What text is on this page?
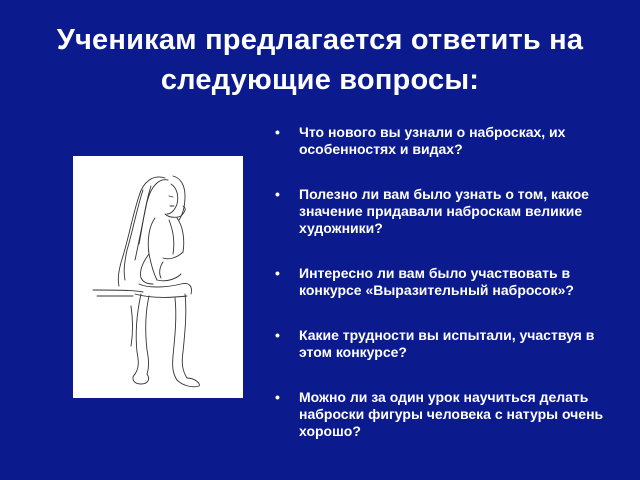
Ученикам предлагается ответить на следующие вопросы:
• Что нового вы узнали о набросках, их особенностях и видах?
• Полезно ли вам было узнать о том, какое значение придавали наброскам великие художники?
• Интересно ли вам было участвовать в конкурсе «Выразительный набросок»?
• Какие трудности вы испытали, участвуя в этом конкурсе?
• Можно ли за один урок научиться делать наброски фигуры человека с натуры очень хорошо?
